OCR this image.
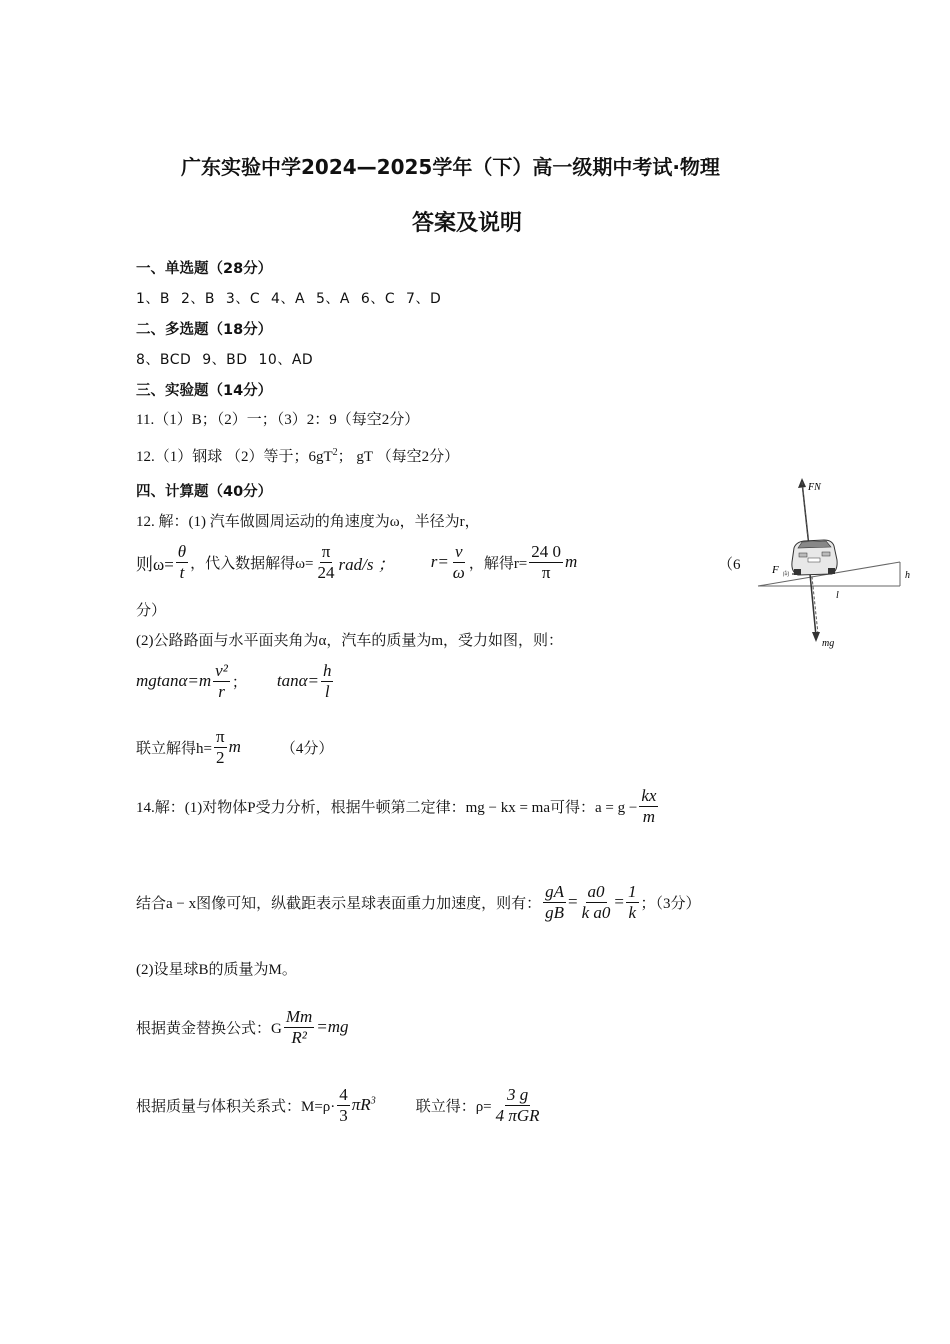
广东实验中学2024—2025学年（下）高一级期中考试·物理
答案及说明
一、单选题（28分）
1、B 2、B 3、C 4、A 5、A 6、C 7、D
二、多选题（18分）
8、BCD 9、BD 10、AD
三、实验题（14分）
11.（1）B；（2）一；（3）2：9（每空2分）
12.（1）钢球 （2）等于；$6gT^2$； gT （每空2分）
四、计算题（40分）
12. 解：(1) 汽车做圆周运动的角速度为ω，半径为r，
则$\omega= \frac{\theta}{t}$ ，代入数据解得$\omega= \frac{\pi}{24} rad/s$ ； $r= \frac{v}{\omega}$ ，解得$r= \frac{24 0}{\pi}$ m	（6
分）
(2)公路路面与水平面夹角为α，汽车的质量为m，受力如图，则：
$mgtan\alpha=m \frac{\text{v²}}{r}$ ； $\tan\alpha= \frac{h}{l}$
联立解得$h= \frac{\pi}{2}$ m	（4分）
14.解：(1)对物体P受力分析，根据牛顿第二定律：mg − kx = ma可得：$a = g - \frac{kx}{m}$
结合a − x图像可知，纵截距表示星球表面重力加速度，则有： $\frac{gA}{gB} = \frac{a0}{\text{k a0}} = \frac{1}{k}$ ；（3分）
(2)设星球B的质量为M。
根据黄金替换公式：G $\frac{Mm}{\text{R²}} =mg$
根据质量与体积关系式：$M=\rho\cdot \frac{4}{3} \pi R^3$	联立得：$\rho= \frac{3 g}{\text{4 πGR}}$
h
l
FN
mg
F 向
